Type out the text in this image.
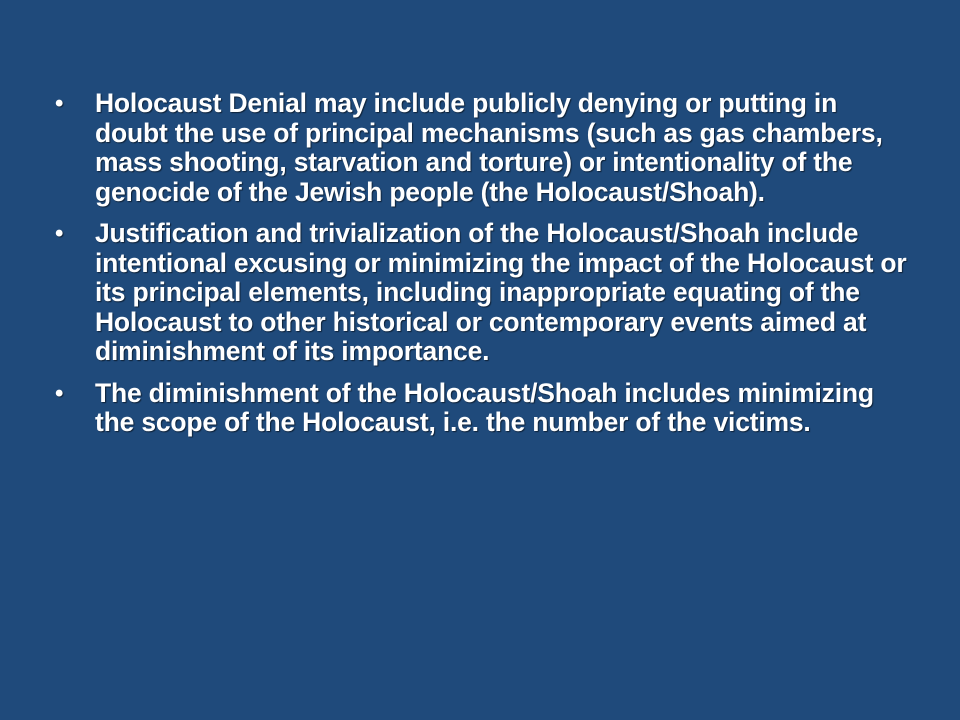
•	Holocaust Denial may include publicly denying or putting in doubt the use of principal mechanisms (such as gas chambers, mass shooting, starvation and torture) or intentionality of the genocide of the Jewish people (the Holocaust/Shoah).
•	Justification and trivialization of the Holocaust/Shoah include intentional excusing or minimizing the impact of the Holocaust or its principal elements, including inappropriate equating of the Holocaust to other historical or contemporary events aimed at diminishment of its importance.
•	The diminishment of the Holocaust/Shoah includes minimizing the scope of the Holocaust, i.e. the number of the victims.
